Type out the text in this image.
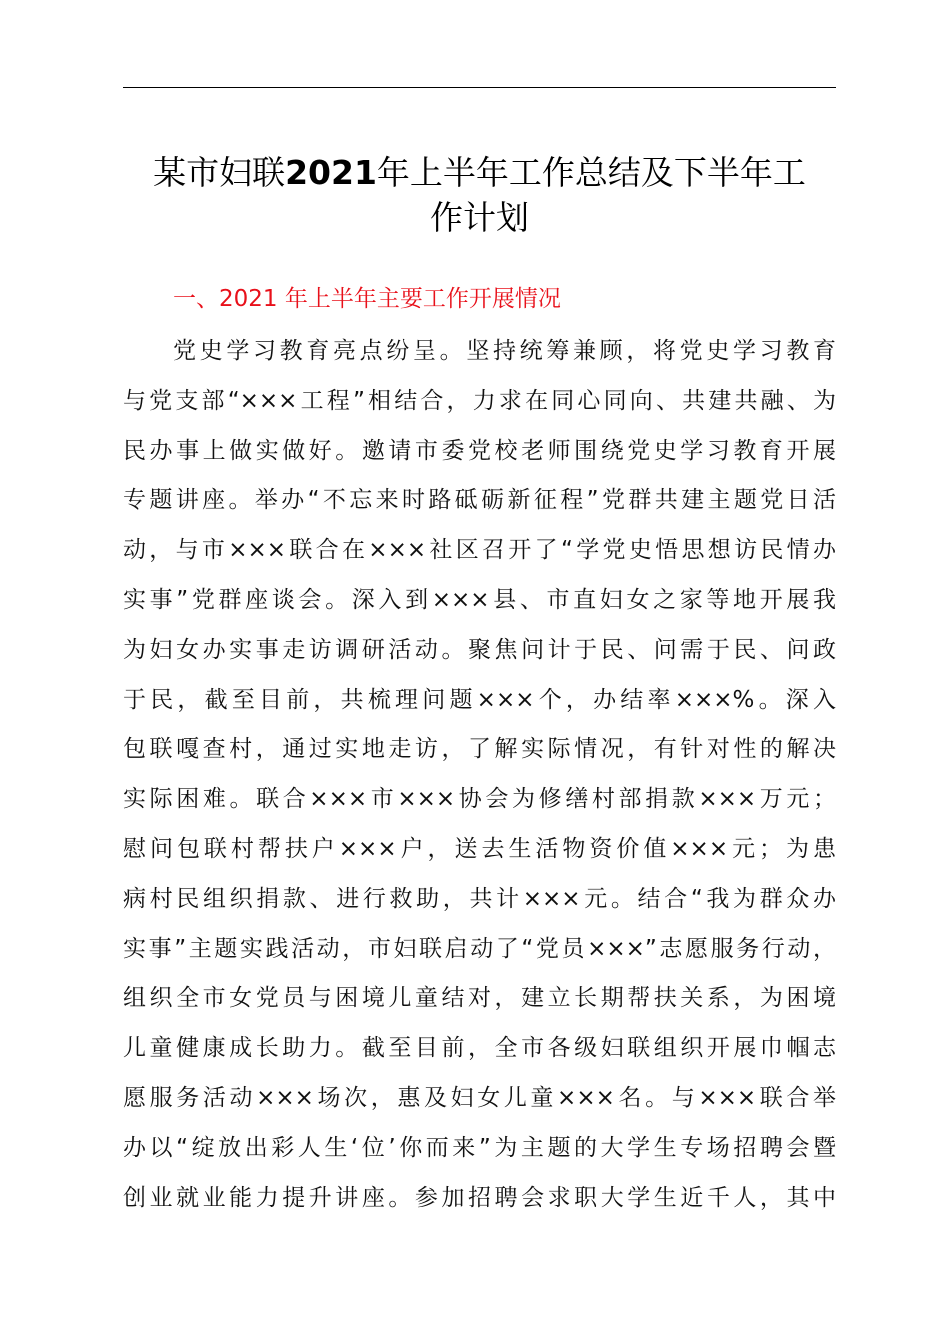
某市妇联2021年上半年工作总结及下半年工
作计划
一、2021 年上半年主要工作开展情况
党史学习教育亮点纷呈。坚持统筹兼顾，将党史学习教育
与党支部“×××工程”相结合，力求在同心同向、共建共融、为
民办事上做实做好。邀请市委党校老师围绕党史学习教育开展
专题讲座。举办“不忘来时路砥砺新征程”党群共建主题党日活
动，与市×××联合在×××社区召开了“学党史悟思想访民情办
实事”党群座谈会。深入到×××县、市直妇女之家等地开展我
为妇女办实事走访调研活动。聚焦问计于民、问需于民、问政
于民，截至目前，共梳理问题×××个，办结率×××%。深入
包联嘎查村，通过实地走访，了解实际情况，有针对性的解决
实际困难。联合×××市×××协会为修缮村部捐款×××万元；
慰问包联村帮扶户×××户，送去生活物资价值×××元；为患
病村民组织捐款、进行救助，共计×××元。结合“我为群众办
实事”主题实践活动，市妇联启动了“党员×××”志愿服务行动，
组织全市女党员与困境儿童结对，建立长期帮扶关系，为困境
儿童健康成长助力。截至目前，全市各级妇联组织开展巾帼志
愿服务活动×××场次，惠及妇女儿童×××名。与×××联合举
办以“绽放出彩人生‘位’你而来”为主题的大学生专场招聘会暨
创业就业能力提升讲座。参加招聘会求职大学生近千人，其中
